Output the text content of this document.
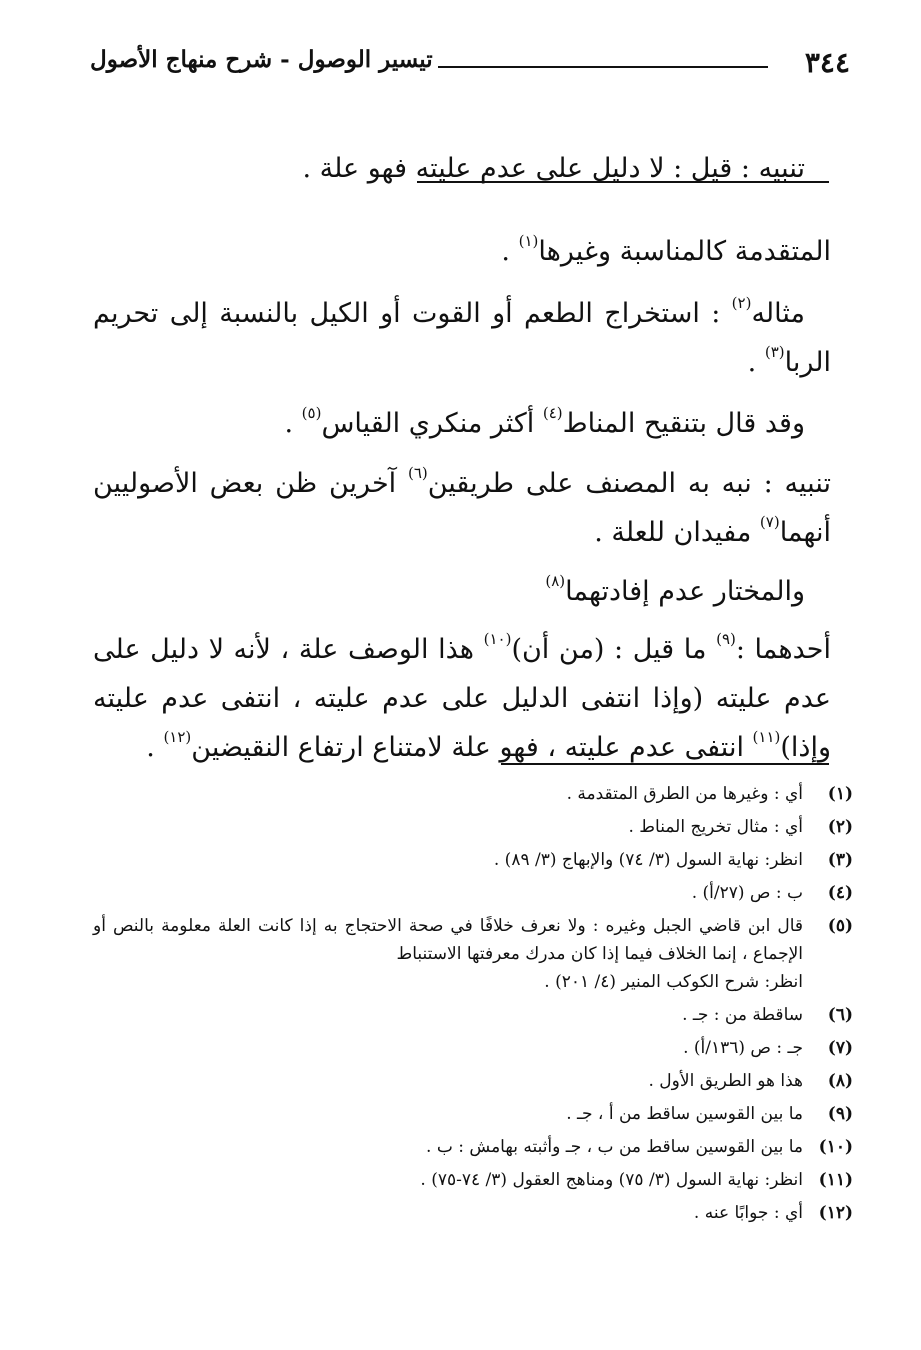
٣٤٤
تيسير الوصول - شرح منهاج الأصول

تنبيه : قيل : لا دليل على عدم عليته فهو علة .

المتقدمة كالمناسبة وغيرها$^{(١)}$ .

مثاله$^{(٢)}$ : استخراج الطعم أو القوت أو الكيل بالنسبة إلى تحريم الربا$^{(٣)}$ .

وقد قال بتنقيح المناط$^{(٤)}$ أكثر منكري القياس$^{(٥)}$ .

تنبيه : نبه به المصنف على طريقين$^{(٦)}$ آخرين ظن بعض الأصوليين أنهما$^{(٧)}$ مفيدان للعلة .

والمختار عدم إفادتهما$^{(٨)}$

أحدهما :$^{(٩)}$ ما قيل : (من أن)$^{(١٠)}$ هذا الوصف علة ، لأنه لا دليل على عدم عليته (وإذا انتفى الدليل على عدم عليته ، انتفى عدم عليته وإذا)$^{(١١)}$ انتفى عدم عليته ، فهو علة لامتناع ارتفاع النقيضين$^{(١٢)}$ .

(١)
أي : وغيرها من الطرق المتقدمة .
(٢)
أي : مثال تخريج المناط .
(٣)
انظر: نهاية السول (٣/ ٧٤) والإبهاج (٣/ ٨٩) .
(٤)
ب : ص (٢٧/أ) .
(٥)
قال ابن قاضي الجبل وغيره : ولا نعرف خلافًا في صحة الاحتجاج به إذا كانت العلة معلومة بالنص أو الإجماع ، إنما الخلاف فيما إذا كان مدرك معرفتها الاستنباط
انظر: شرح الكوكب المنير (٤/ ٢٠١) .
(٦)
ساقطة من : جـ .
(٧)
جـ : ص (١٣٦/أ) .
(٨)
هذا هو الطريق الأول .
(٩)
ما بين القوسين ساقط من أ ، جـ .
(١٠)
ما بين القوسين ساقط من ب ، جـ وأثبته بهامش : ب .
(١١)
انظر: نهاية السول (٣/ ٧٥) ومناهج العقول (٣/ ٧٤-٧٥) .
(١٢)
أي : جوابًا عنه .
